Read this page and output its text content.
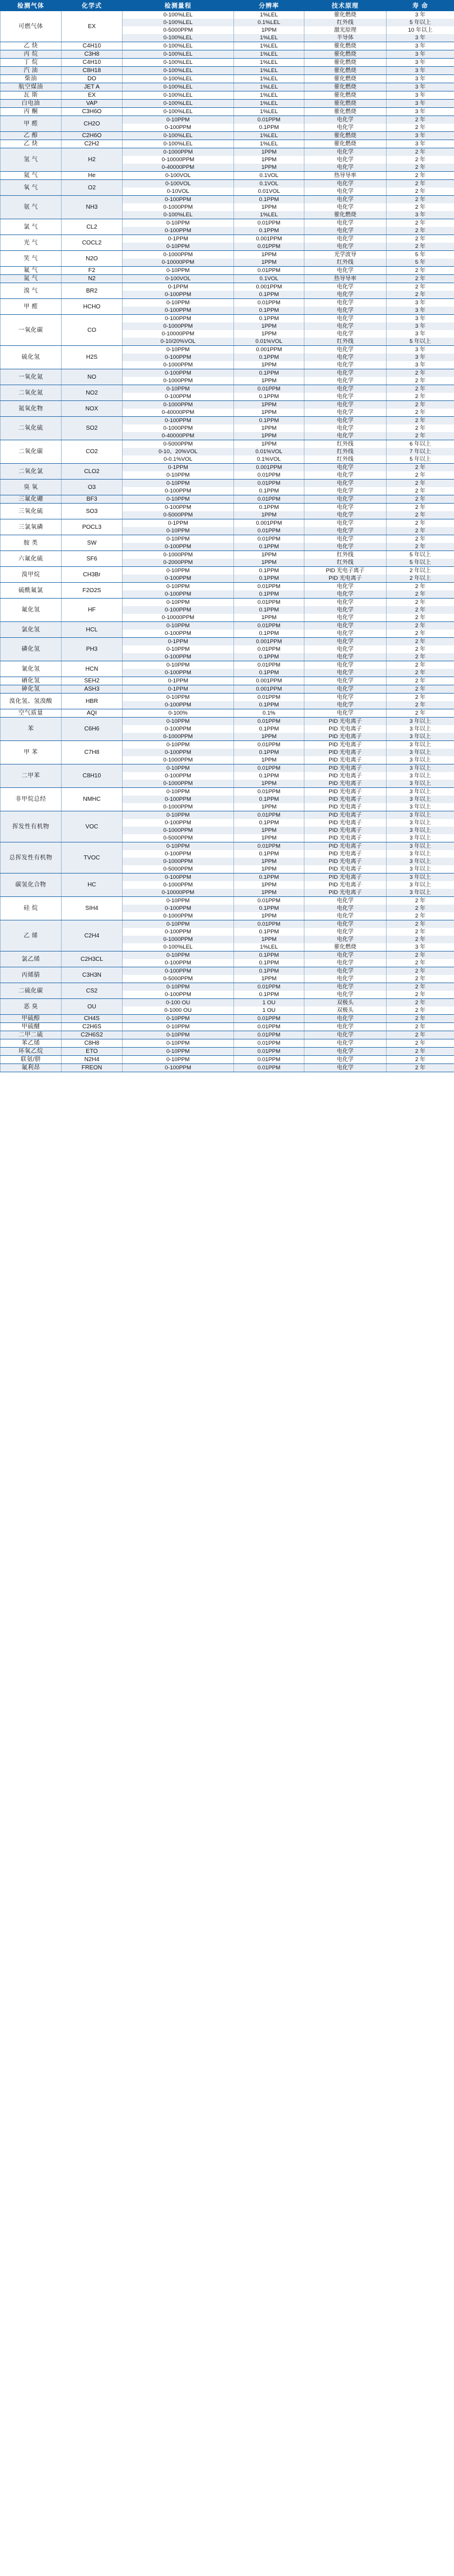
检测气体	化学式	检测量程	分辨率	技术原理	寿 命
可燃气体	EX	0-100%LEL	1%LEL	催化燃烧	3 年
		0-100%LEL	0.1%LEL	红外线	5 年以上
		0-5000PPM	1PPM	激光原理	10 年以上
		0-100%LEL	1%LEL	半导体	3 年
乙 炔	C4H10	0-100%LEL	1%LEL	催化燃烧	3 年
丙 烷	C3H8	0-100%LEL	1%LEL	催化燃烧	3 年
丁 烷	C4H10	0-100%LEL	1%LEL	催化燃烧	3 年
汽 油	C8H18	0-100%LEL	1%LEL	催化燃烧	3 年
柴油	DO	0-100%LEL	1%LEL	催化燃烧	3 年
航空煤油	JET A	0-100%LEL	1%LEL	催化燃烧	3 年
瓦 斯	EX	0-100%LEL	1%LEL	催化燃烧	3 年
白电油	VAP	0-100%LEL	1%LEL	催化燃烧	3 年
丙 酮	C3H6O	0-100%LEL	1%LEL	催化燃烧	3 年
甲 醛	CH2O	0-10PPM	0.01PPM	电化学	2 年
		0-100PPM	0.1PPM	电化学	2 年
乙 醇	C2H6O	0-100%LEL	1%LEL	催化燃烧	3 年
乙 炔	C2H2	0-100%LEL	1%LEL	催化燃烧	3 年
氢 气	H2	0-1000PPM	1PPM	电化学	2 年
		0-10000PPM	1PPM	电化学	2 年
		0-40000PPM	1PPM	电化学	2 年
氦 气	He	0-100VOL	0.1VOL	热导导率	2 年
氧 气	O2	0-100VOL	0.1VOL	电化学	2 年
		0-10VOL	0.01VOL	电化学	2 年
氨 气	NH3	0-100PPM	0.1PPM	电化学	2 年
		0-1000PPM	1PPM	电化学	2 年
		0-100%LEL	1%LEL	催化燃烧	3 年
氯 气	CL2	0-10PPM	0.01PPM	电化学	2 年
		0-100PPM	0.1PPM	电化学	2 年
光 气	COCL2	0-1PPM	0.001PPM	电化学	2 年
		0-10PPM	0.01PPM	电化学	2 年
笑 气	N2O	0-1000PPM	1PPM	光学波导	5 年
		0-10000PPM	1PPM	红外线	5 年
氟 气	F2	0-10PPM	0.01PPM	电化学	2 年
氮 气	N2	0-100VOL	0.1VOL	热导导率	2 年
溴 气	BR2	0-1PPM	0.001PPM	电化学	2 年
		0-100PPM	0.1PPM	电化学	2 年
甲 醛	HCHO	0-10PPM	0.01PPM	电化学	3 年
		0-100PPM	0.1PPM	电化学	3 年
一氧化碳	CO	0-100PPM	0.1PPM	电化学	3 年
		0-1000PPM	1PPM	电化学	3 年
		0-10000PPM	1PPM	电化学	3 年
		0-10/20%VOL	0.01%VOL	红外线	5 年以上
硫化氢	H2S	0-10PPM	0.001PPM	电化学	3 年
		0-100PPM	0.1PPM	电化学	3 年
		0-1000PPM	1PPM	电化学	3 年
一氧化氮	NO	0-100PPM	0.1PPM	电化学	2 年
		0-1000PPM	1PPM	电化学	2 年
二氧化氮	NO2	0-10PPM	0.01PPM	电化学	2 年
		0-100PPM	0.1PPM	电化学	2 年
氮氧化物	NOX	0-1000PPM	1PPM	电化学	2 年
		0-40000PPM	1PPM	电化学	2 年
二氧化硫	SO2	0-100PPM	0.1PPM	电化学	2 年
		0-1000PPM	1PPM	电化学	2 年
		0-40000PPM	1PPM	电化学	2 年
二氧化碳	CO2	0-5000PPM	1PPM	红外线	6 年以上
		0-10、20%VOL	0.01%VOL	红外线	7 年以上
		0-0.1%VOL	0.1%VOL	红外线	5 年以上
二氧化氯	CLO2	0-1PPM	0.001PPM	电化学	2 年
		0-10PPM	0.01PPM	电化学	2 年
臭 氧	O3	0-10PPM	0.01PPM	电化学	2 年
		0-100PPM	0.1PPM	电化学	2 年
三氟化硼	BF3	0-10PPM	0.01PPM	电化学	2 年
三氧化硫	SO3	0-100PPM	0.1PPM	电化学	2 年
		0-5000PPM	1PPM	电化学	2 年
三氯氧磷	POCL3	0-1PPM	0.001PPM	电化学	2 年
		0-10PPM	0.01PPM	电化学	2 年
胺 类	SW	0-10PPM	0.01PPM	电化学	2 年
		0-100PPM	0.1PPM	电化学	2 年
六氟化硫	SF6	0-1000PPM	1PPM	红外线	5 年以上
		0-2000PPM	1PPM	红外线	5 年以上
溴甲烷	CH3Br	0-10PPM	0.1PPM	PID 光电子离子	2 年以上
		0-100PPM	0.1PPM	PID 光电离子	2 年以上
硫酰氟氯	F2O2S	0-10PPM	0.01PPM	电化学	2 年
		0-100PPM	0.1PPM	电化学	2 年
氟化氢	HF	0-10PPM	0.01PPM	电化学	2 年
		0-100PPM	0.1PPM	电化学	2 年
		0-10000PPM	1PPM	电化学	2 年
氯化氢	HCL	0-10PPM	0.01PPM	电化学	2 年
		0-100PPM	0.1PPM	电化学	2 年
磷化氢	PH3	0-1PPM	0.001PPM	电化学	2 年
		0-10PPM	0.01PPM	电化学	2 年
		0-100PPM	0.1PPM	电化学	2 年
氰化氢	HCN	0-10PPM	0.01PPM	电化学	2 年
		0-100PPM	0.1PPM	电化学	2 年
硒化氢	SEH2	0-1PPM	0.001PPM	电化学	2 年
砷化氢	ASH3	0-1PPM	0.001PPM	电化学	2 年
溴化氢、氢溴酸	HBR	0-10PPM	0.01PPM	电化学	2 年
		0-100PPM	0.1PPM	电化学	2 年
空气质量	AQI	0-100%	0.1%	电化学	2 年
苯	C6H6	0-10PPM	0.01PPM	PID 光电离子	3 年以上
		0-100PPM	0.1PPM	PID 光电离子	3 年以上
		0-1000PPM	1PPM	PID 光电离子	3 年以上
甲 苯	C7H8	0-10PPM	0.01PPM	PID 光电离子	3 年以上
		0-100PPM	0.1PPM	PID 光电离子	3 年以上
		0-1000PPM	1PPM	PID 光电离子	3 年以上
二甲苯	C8H10	0-10PPM	0.01PPM	PID 光电离子	3 年以上
		0-100PPM	0.1PPM	PID 光电离子	3 年以上
		0-1000PPM	1PPM	PID 光电离子	3 年以上
非甲烷总经	NMHC	0-10PPM	0.01PPM	PID 光电离子	3 年以上
		0-100PPM	0.1PPM	PID 光电离子	3 年以上
		0-1000PPM	1PPM	PID 光电离子	3 年以上
挥发性有机物	VOC	0-10PPM	0.01PPM	PID 光电离子	3 年以上
		0-100PPM	0.1PPM	PID 光电离子	3 年以上
		0-1000PPM	1PPM	PID 光电离子	3 年以上
		0-5000PPM	1PPM	PID 光电离子	3 年以上
总挥发性有机物	TVOC	0-10PPM	0.01PPM	PID 光电离子	3 年以上
		0-100PPM	0.1PPM	PID 光电离子	3 年以上
		0-1000PPM	1PPM	PID 光电离子	3 年以上
		0-5000PPM	1PPM	PID 光电离子	3 年以上
碳氢化合物	HC	0-100PPM	0.1PPM	PID 光电离子	3 年以上
		0-1000PPM	1PPM	PID 光电离子	3 年以上
		0-10000PPM	1PPM	PID 光电离子	3 年以上
硅 烷	SIH4	0-10PPM	0.01PPM	电化学	2 年
		0-100PPM	0.1PPM	电化学	2 年
		0-1000PPM	1PPM	电化学	2 年
乙 烯	C2H4	0-10PPM	0.01PPM	电化学	2 年
		0-100PPM	0.1PPM	电化学	2 年
		0-1000PPM	1PPM	电化学	2 年
		0-100%LEL	1%LEL	催化燃烧	3 年
氯乙烯	C2H3CL	0-10PPM	0.1PPM	电化学	2 年
		0-100PPM	0.1PPM	电化学	2 年
丙烯腈	C3H3N	0-100PPM	0.1PPM	电化学	2 年
		0-5000PPM	1PPM	电化学	2 年
二硫化碳	CS2	0-10PPM	0.01PPM	电化学	2 年
		0-100PPM	0.1PPM	电化学	2 年
恶 臭	OU	0-100 OU	1 OU	双极头	2 年
		0-1000 OU	1 OU	双极头	2 年
甲硫醇	CH4S	0-10PPM	0.01PPM	电化学	2 年
甲硫醚	C2H6S	0-10PPM	0.01PPM	电化学	2 年
二甲二硫	C2H6S2	0-10PPM	0.01PPM	电化学	2 年
苯乙烯	C8H8	0-10PPM	0.01PPM	电化学	2 年
环氧乙烷	ETO	0-10PPM	0.01PPM	电化学	2 年
联氨/肼	N2H4	0-10PPM	0.01PPM	电化学	2 年
氟利昂	FREON	0-100PPM	0.01PPM	电化学	2 年
